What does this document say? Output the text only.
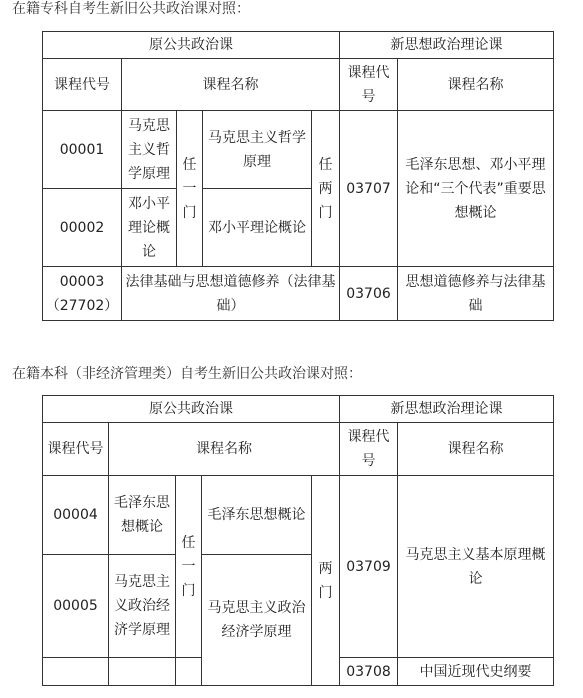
在籍专科自考生新旧公共政治课对照：
原公共政治课					新思想政治理论课	
课程代号	课程名称				课程代号	课程名称
00001	马克思主义哲学原理	任一门	马克思主义哲学原理	任两门	03707	毛泽东思想、邓小平理论和“三个代表”重要思想概论
00002	邓小平理论概论		邓小平理论概论			
00003（27702）	法律基础与思想道德修养（法律基础）				03706	思想道德修养与法律基础
在籍本科（非经济管理类）自考生新旧公共政治课对照：
原公共政治课					新思想政治理论课	
课程代号	课程名称				课程代号	课程名称
00004	毛泽东思想概论	任一门	毛泽东思想概论	两门	03709	马克思主义基本原理概论
00005	马克思主义政治经济学原理		马克思主义政治经济学原理			
					03708	中国近现代史纲要
